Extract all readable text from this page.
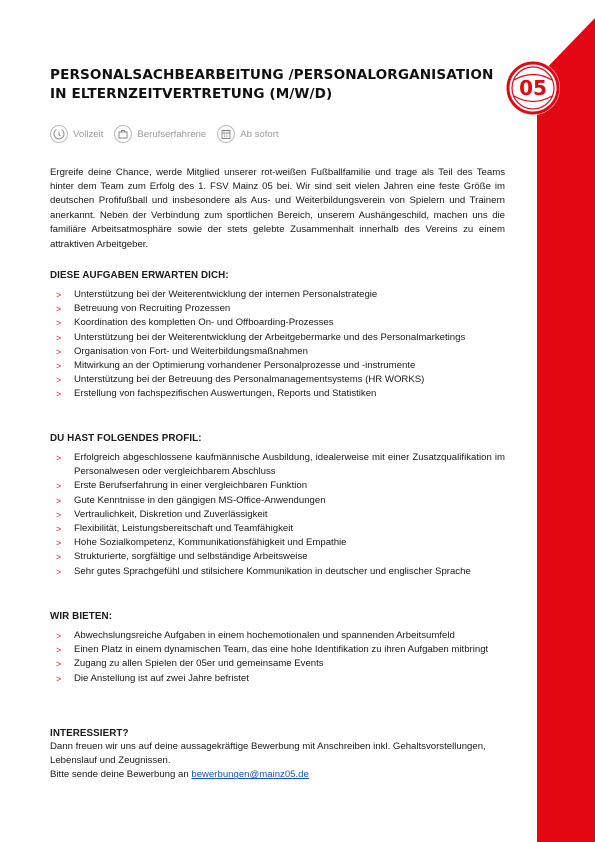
05
PERSONALSACHBEARBEITUNG /PERSONALORGANISATION
IN ELTERNZEITVERTRETUNG (M/W/D)
Vollzeit	Berufserfahrene	Ab sofort

Ergreife deine Chance, werde Mitglied unserer rot-weißen Fußballfamilie und trage als Teil des Teams hinter dem Team zum Erfolg des 1. FSV Mainz 05 bei. Wir sind seit vielen Jahren eine feste Größe im deutschen Profifußball und insbesondere als Aus- und Weiterbildungsverein von Spielern und Trainern anerkannt. Neben der Verbindung zum sportlichen Bereich, unserem Aushängeschild, machen uns die familiäre Arbeitsatmosphäre sowie der stets gelebte Zusammenhalt innerhalb des Vereins zu einem attraktiven Arbeitgeber.

DIESE AUFGABEN ERWARTEN DICH:
> Unterstützung bei der Weiterentwicklung der internen Personalstrategie
> Betreuung von Recruiting Prozessen
> Koordination des kompletten On- und Offboarding-Prozesses
> Unterstützung bei der Weiterentwicklung der Arbeitgebermarke und des Personalmarketings
> Organisation von Fort- und Weiterbildungsmaßnahmen
> Mitwirkung an der Optimierung vorhandener Personalprozesse und -instrumente
> Unterstützung bei der Betreuung des Personalmanagementsystems (HR WORKS)
> Erstellung von fachspezifischen Auswertungen, Reports und Statistiken
DU HAST FOLGENDES PROFIL:
> Erfolgreich abgeschlossene kaufmännische Ausbildung, idealerweise mit einer Zusatzqualifikation im Personalwesen oder vergleichbarem Abschluss
> Erste Berufserfahrung in einer vergleichbaren Funktion
> Gute Kenntnisse in den gängigen MS-Office-Anwendungen
> Vertraulichkeit, Diskretion und Zuverlässigkeit
> Flexibilität, Leistungsbereitschaft und Teamfähigkeit
> Hohe Sozialkompetenz, Kommunikationsfähigkeit und Empathie
> Strukturierte, sorgfältige und selbständige Arbeitsweise
> Sehr gutes Sprachgefühl und stilsichere Kommunikation in deutscher und englischer Sprache
WIR BIETEN:
> Abwechslungsreiche Aufgaben in einem hochemotionalen und spannenden Arbeitsumfeld
> Einen Platz in einem dynamischen Team, das eine hohe Identifikation zu ihren Aufgaben mitbringt
> Zugang zu allen Spielen der 05er und gemeinsame Events
> Die Anstellung ist auf zwei Jahre befristet
INTERESSIERT?

Dann freuen wir uns auf deine aussagekräftige Bewerbung mit Anschreiben inkl. Gehaltsvorstellungen, Lebenslauf und Zeugnissen.

Bitte sende deine Bewerbung an bewerbungen@mainz05.de
